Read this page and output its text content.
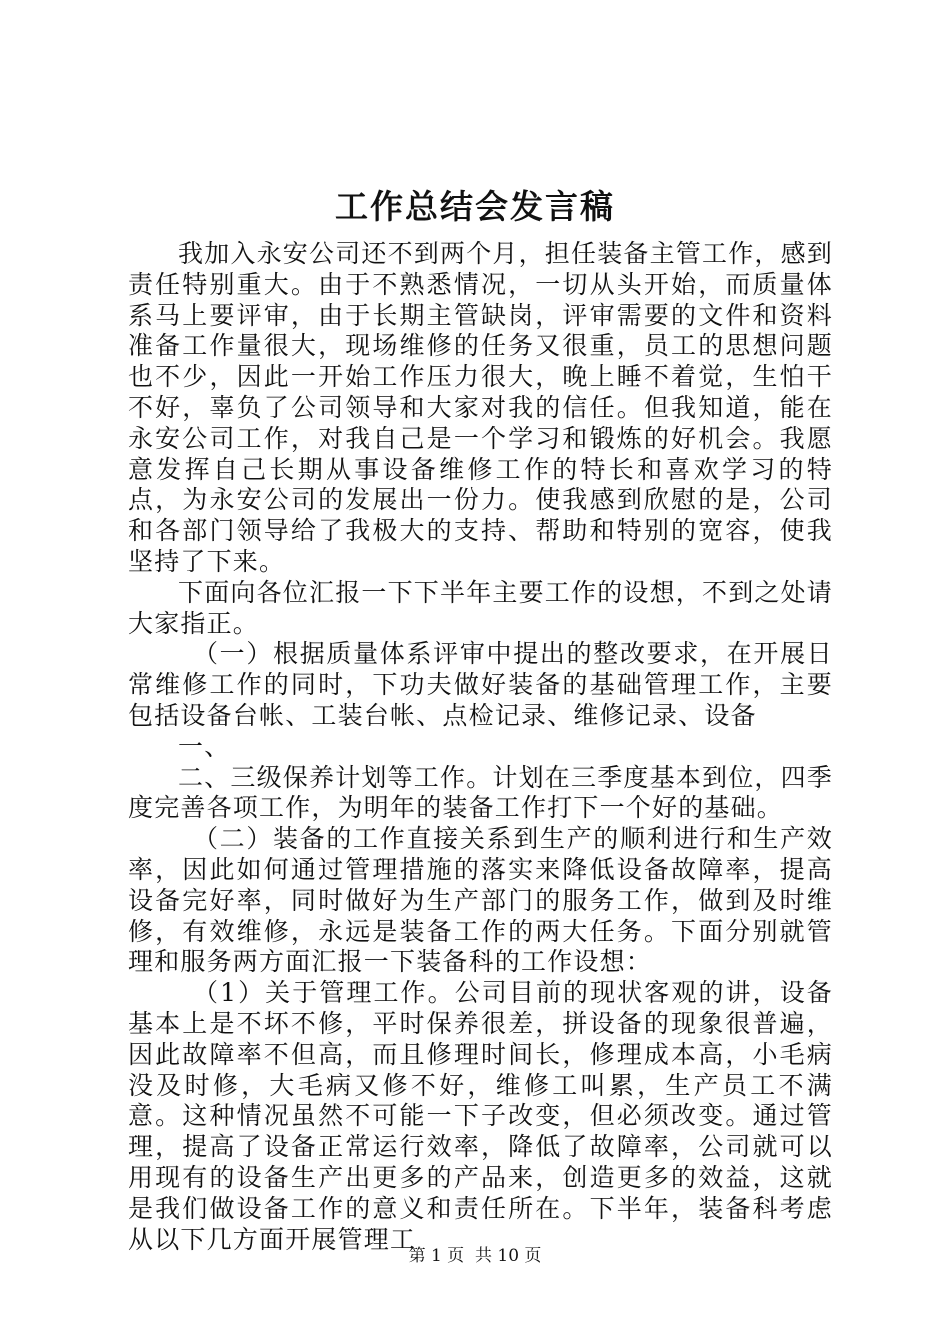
工作总结会发言稿

我加入永安公司还不到两个月，担任装备主管工作，感到责任特别重大。由于不熟悉情况，一切从头开始，而质量体系马上要评审，由于长期主管缺岗，评审需要的文件和资料准备工作量很大，现场维修的任务又很重，员工的思想问题也不少，因此一开始工作压力很大，晚上睡不着觉，生怕干不好，辜负了公司领导和大家对我的信任。但我知道，能在永安公司工作，对我自己是一个学习和锻炼的好机会。我愿意发挥自己长期从事设备维修工作的特长和喜欢学习的特点，为永安公司的发展出一份力。使我感到欣慰的是，公司和各部门领导给了我极大的支持、帮助和特别的宽容，使我坚持了下来。

下面向各位汇报一下下半年主要工作的设想，不到之处请大家指正。

（一）根据质量体系评审中提出的整改要求，在开展日常维修工作的同时，下功夫做好装备的基础管理工作，主要包括设备台帐、工装台帐、点检记录、维修记录、设备

一、

二、三级保养计划等工作。计划在三季度基本到位，四季度完善各项工作，为明年的装备工作打下一个好的基础。

（二）装备的工作直接关系到生产的顺利进行和生产效率，因此如何通过管理措施的落实来降低设备故障率，提高设备完好率，同时做好为生产部门的服务工作，做到及时维修，有效维修，永远是装备工作的两大任务。下面分别就管理和服务两方面汇报一下装备科的工作设想：

（1）关于管理工作。公司目前的现状客观的讲，设备基本上是不坏不修，平时保养很差，拼设备的现象很普遍，因此故障率不但高，而且修理时间长，修理成本高，小毛病没及时修，大毛病又修不好，维修工叫累，生产员工不满意。这种情况虽然不可能一下子改变，但必须改变。通过管理，提高了设备正常运行效率，降低了故障率，公司就可以用现有的设备生产出更多的产品来，创造更多的效益，这就是我们做设备工作的意义和责任所在。下半年，装备科考虑从以下几方面开展管理工

第 1 页  共 10 页
